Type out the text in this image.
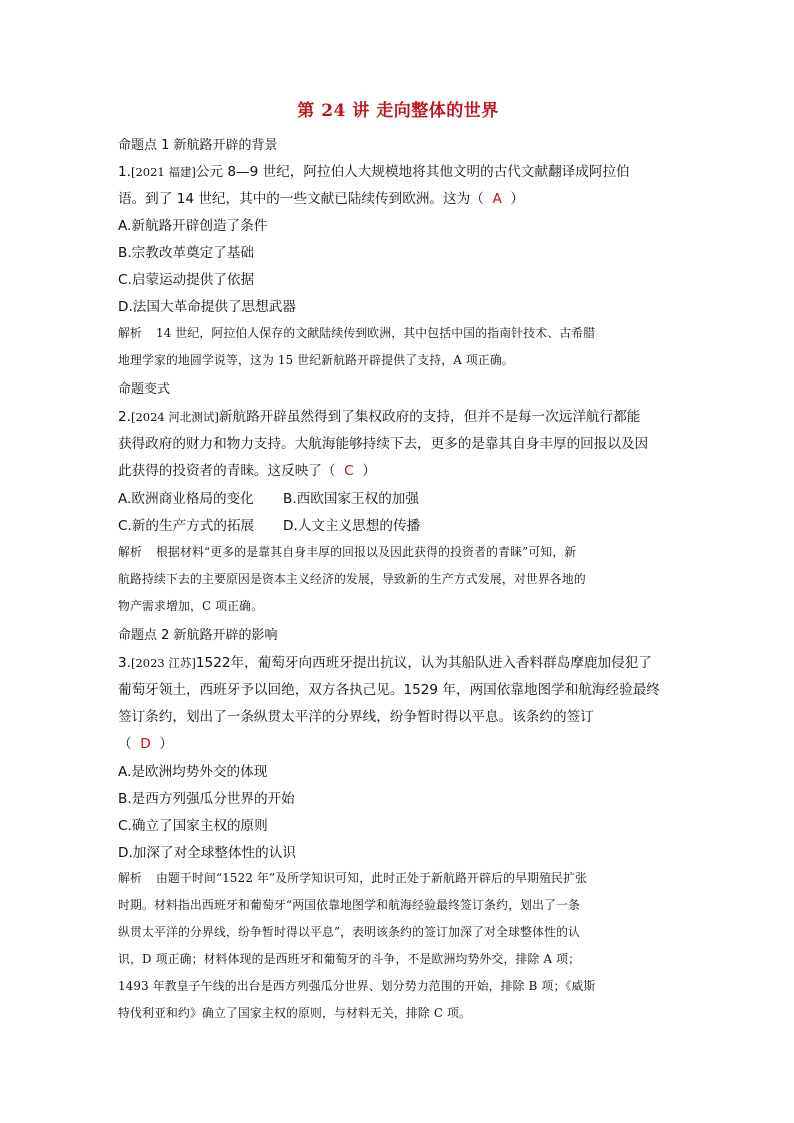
第 24 讲 走向整体的世界
命题点 1 新航路开辟的背景
1.[2021 福建]公元 8—9 世纪，阿拉伯人大规模地将其他文明的古代文献翻译成阿拉伯
语。到了 14 世纪，其中的一些文献已陆续传到欧洲。这为（ A ）
A.新航路开辟创造了条件
B.宗教改革奠定了基础
C.启蒙运动提供了依据
D.法国大革命提供了思想武器
解析 14 世纪，阿拉伯人保存的文献陆续传到欧洲，其中包括中国的指南针技术、古希腊
地理学家的地圆学说等，这为 15 世纪新航路开辟提供了支持，A 项正确。
命题变式
2.[2024 河北测试]新航路开辟虽然得到了集权政府的支持，但并不是每一次远洋航行都能
获得政府的财力和物力支持。大航海能够持续下去，更多的是靠其自身丰厚的回报以及因
此获得的投资者的青睐。这反映了（ C ）
A.欧洲商业格局的变化 B.西欧国家王权的加强
C.新的生产方式的拓展 D.人文主义思想的传播
解析 根据材料“更多的是靠其自身丰厚的回报以及因此获得的投资者的青睐”可知，新
航路持续下去的主要原因是资本主义经济的发展，导致新的生产方式发展，对世界各地的
物产需求增加，C 项正确。
命题点 2 新航路开辟的影响
3.[2023 江苏]1522年，葡萄牙向西班牙提出抗议，认为其船队进入香料群岛摩鹿加侵犯了
葡萄牙领土，西班牙予以回绝，双方各执己见。1529 年，两国依靠地图学和航海经验最终
签订条约，划出了一条纵贯太平洋的分界线，纷争暂时得以平息。该条约的签订
（ D ）
A.是欧洲均势外交的体现
B.是西方列强瓜分世界的开始
C.确立了国家主权的原则
D.加深了对全球整体性的认识
解析 由题干时间“1522 年”及所学知识可知，此时正处于新航路开辟后的早期殖民扩张
时期。材料指出西班牙和葡萄牙“两国依靠地图学和航海经验最终签订条约，划出了一条
纵贯太平洋的分界线，纷争暂时得以平息”，表明该条约的签订加深了对全球整体性的认
识，D 项正确；材料体现的是西班牙和葡萄牙的斗争，不是欧洲均势外交，排除 A 项；
1493 年教皇子午线的出台是西方列强瓜分世界、划分势力范围的开始，排除 B 项；《威斯
特伐利亚和约》确立了国家主权的原则，与材料无关，排除 C 项。
